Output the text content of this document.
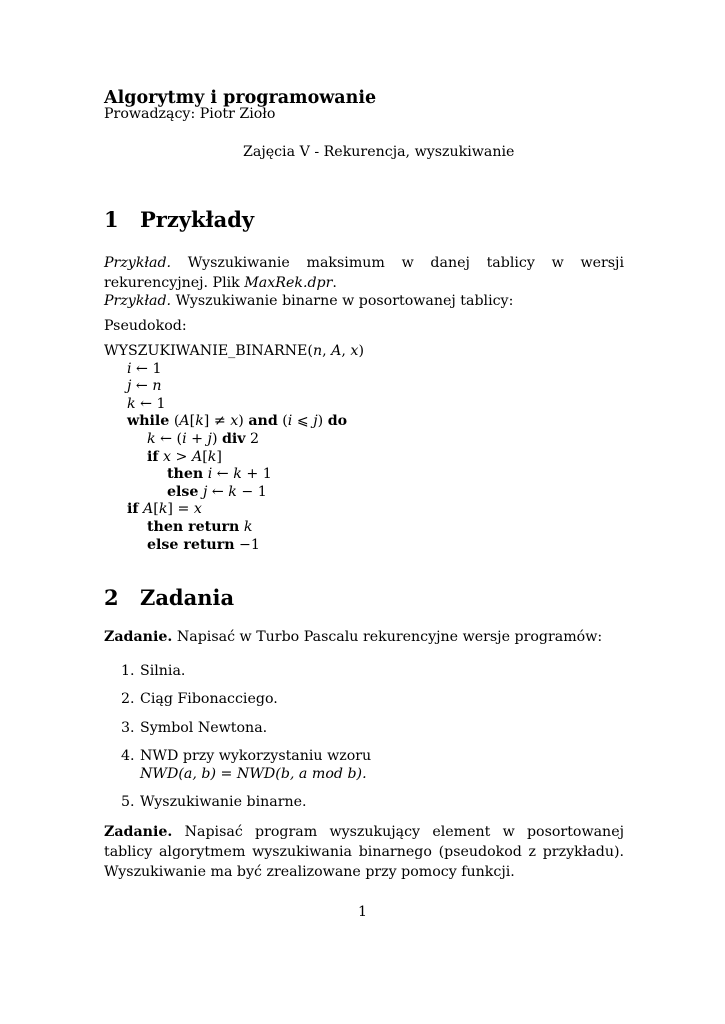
Algorytmy i programowanie
Prowadzący: Piotr Zioło
Zajęcia V - Rekurencja, wyszukiwanie
1 Przykłady
Przykład. Wyszukiwanie maksimum w danej tablicy w wersji rekurencyjnej. Plik MaxRek.dpr.
Przykład. Wyszukiwanie binarne w posortowanej tablicy:
Pseudokod:
WYSZUKIWANIE_BINARNE(n, A, x)
i ← 1
j ← n
k ← 1
while (A[k] ≠ x) and (i ⩽ j) do
k ← (i + j) div 2
if x > A[k]
then i ← k + 1
else j ← k − 1
if A[k] = x
then return k
else return −1
2 Zadania
Zadanie. Napisać w Turbo Pascalu rekurencyjne wersje programów:
1. Silnia.
2. Ciąg Fibonacciego.
3. Symbol Newtona.
4. NWD przy wykorzystaniu wzoru
NWD(a, b) = NWD(b, a mod b).
5. Wyszukiwanie binarne.
Zadanie. Napisać program wyszukujący element w posortowanej tablicy algorytmem wyszukiwania binarnego (pseudokod z przykładu). Wyszukiwanie ma być zrealizowane przy pomocy funkcji.
1
